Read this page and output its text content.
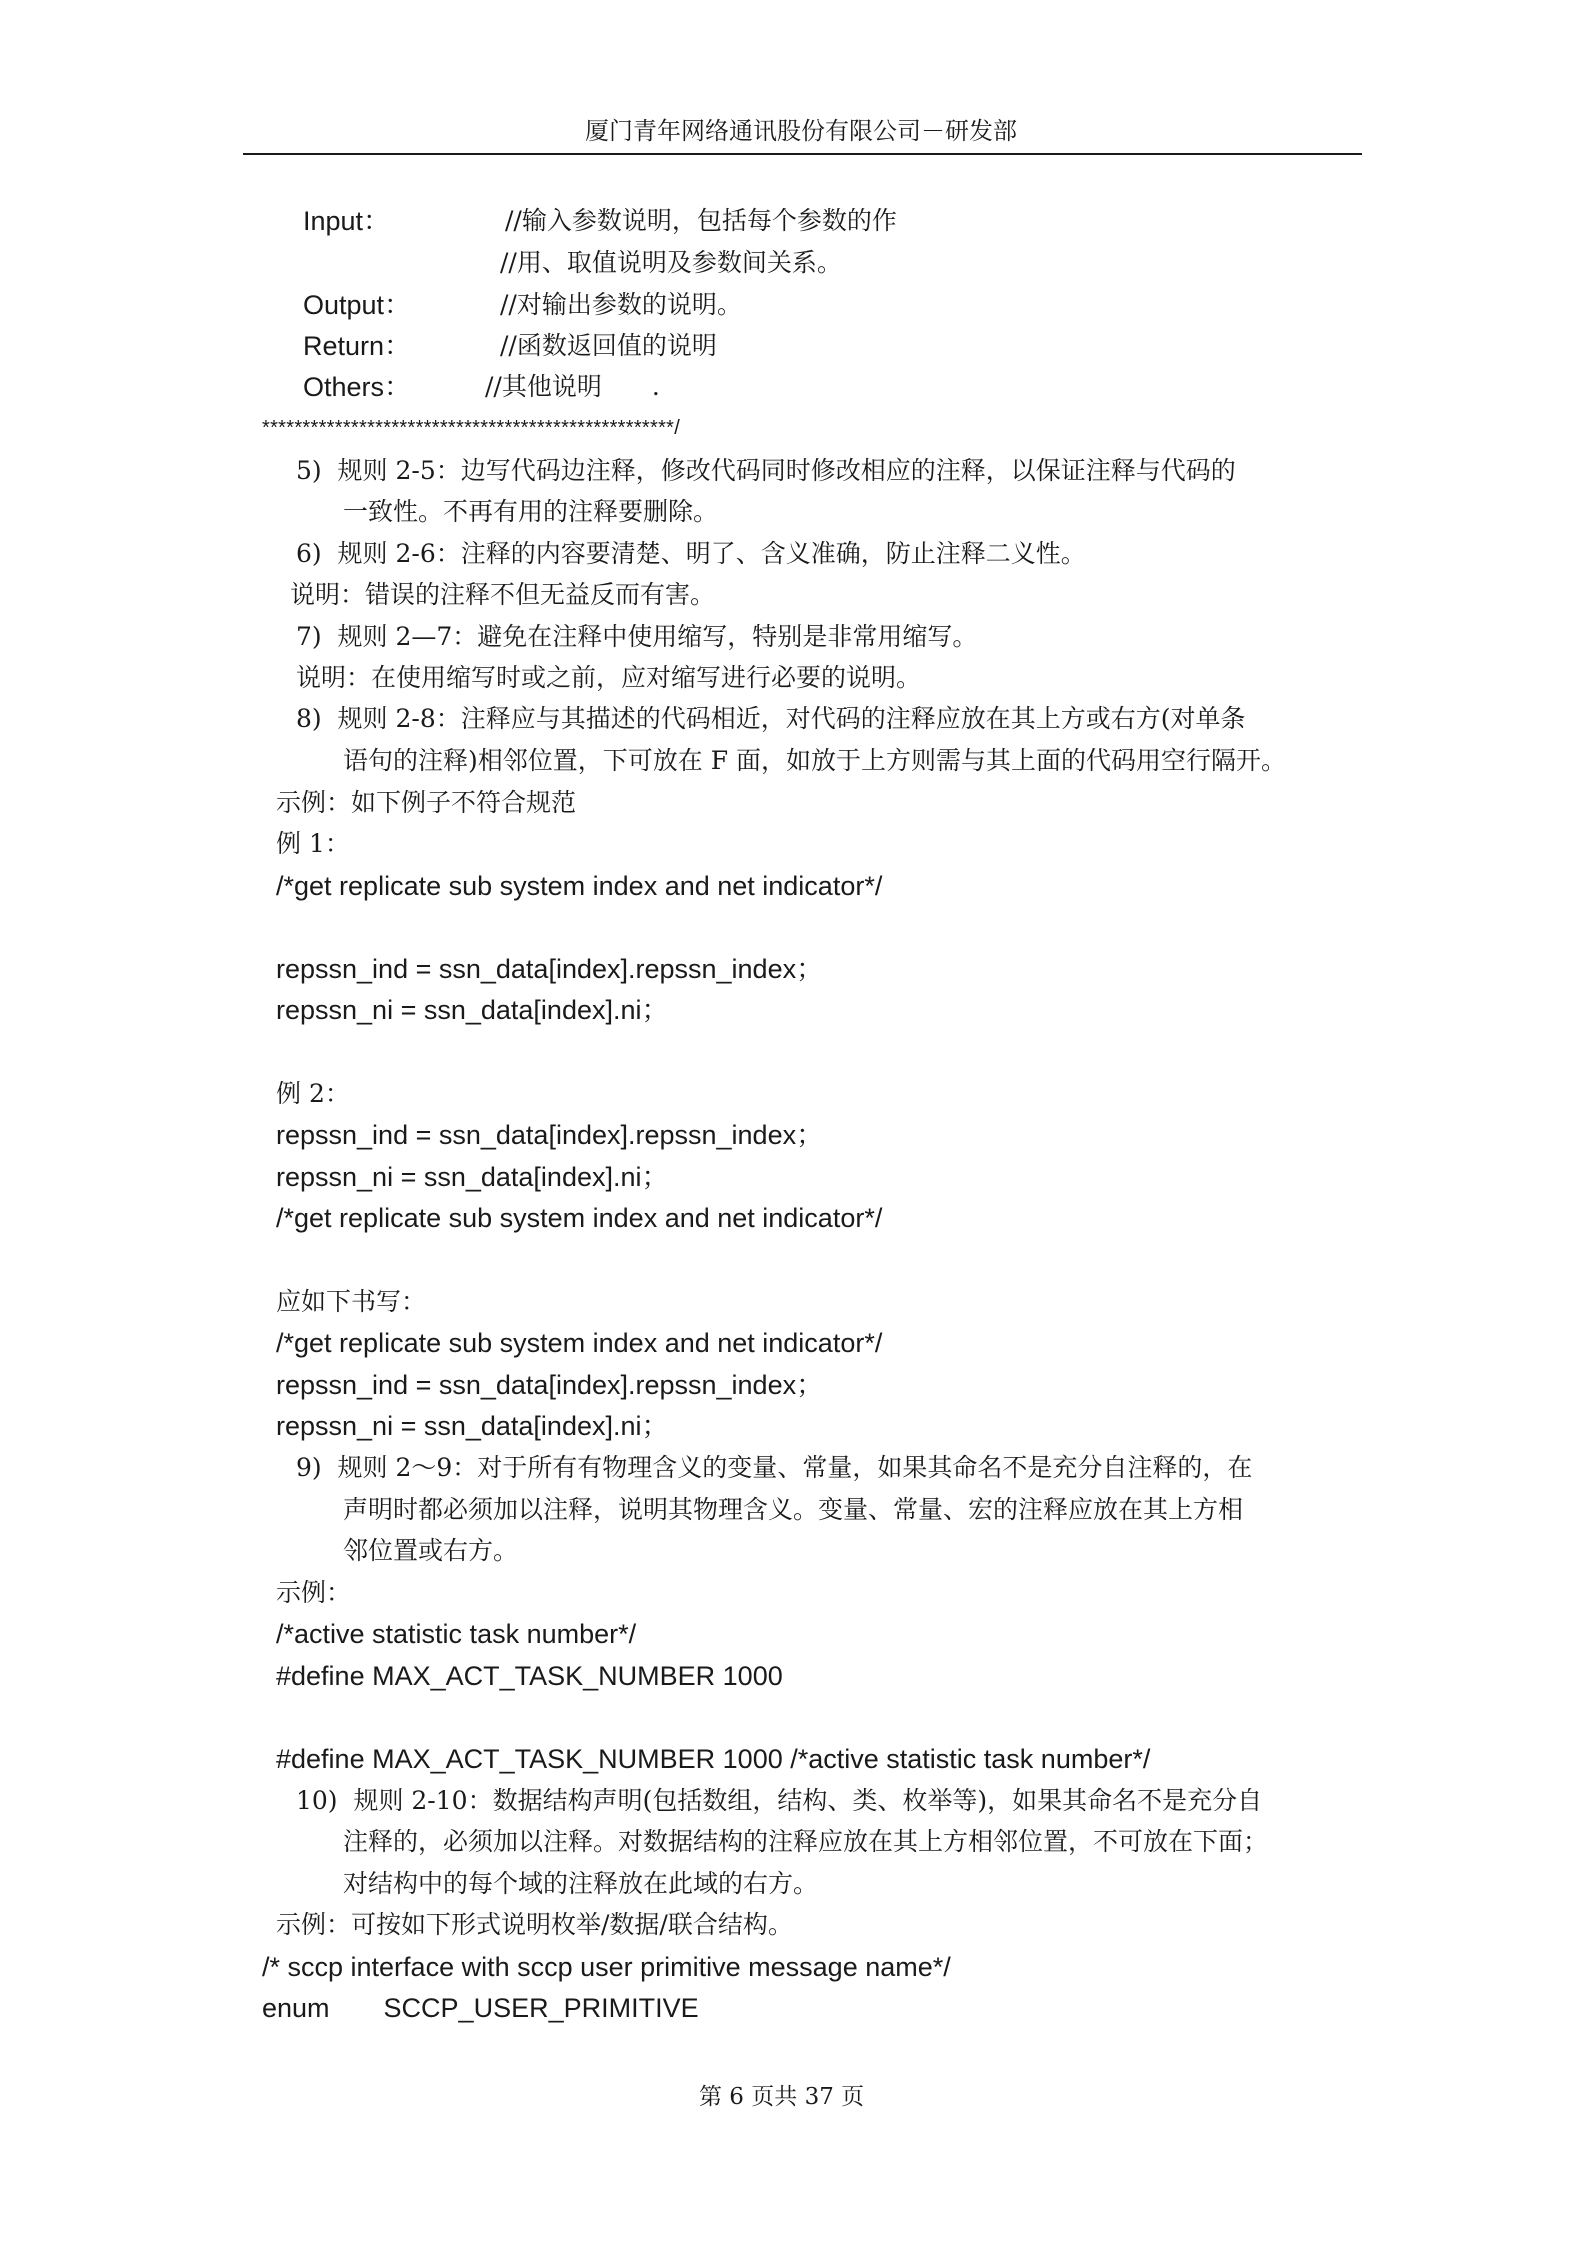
厦门青年网络通讯股份有限公司－研发部
Input：	//输入参数说明，包括每个参数的作
//用、取值说明及参数间关系。
Output：	//对输出参数的说明。
Return：	//函数返回值的说明
Others：	//其他说明　　.
***************************************************/
5)  规则 2-5：边写代码边注释，修改代码同时修改相应的注释，以保证注释与代码的
一致性。不再有用的注释要删除。
6)  规则 2-6：注释的内容要清楚、明了、含义准确，防止注释二义性。
说明：错误的注释不但无益反而有害。
7)  规则 2—7：避免在注释中使用缩写，特别是非常用缩写。
说明：在使用缩写时或之前，应对缩写进行必要的说明。
8)  规则 2-8：注释应与其描述的代码相近，对代码的注释应放在其上方或右方(对单条
语句的注释)相邻位置，下可放在 F 面，如放于上方则需与其上面的代码用空行隔开。
示例：如下例子不符合规范
例 1：
/*get replicate sub system index and net indicator*/
repssn_ind = ssn_data[index].repssn_index；
repssn_ni = ssn_data[index].ni；
例 2：
repssn_ind = ssn_data[index].repssn_index；
repssn_ni = ssn_data[index].ni；
/*get replicate sub system index and net indicator*/
应如下书写：
/*get replicate sub system index and net indicator*/
repssn_ind = ssn_data[index].repssn_index；
repssn_ni = ssn_data[index].ni；
9)  规则 2～9：对于所有有物理含义的变量、常量，如果其命名不是充分自注释的，在
声明时都必须加以注释，说明其物理含义。变量、常量、宏的注释应放在其上方相
邻位置或右方。
示例：
/*active statistic task number*/
#define MAX_ACT_TASK_NUMBER 1000
#define MAX_ACT_TASK_NUMBER 1000 /*active statistic task number*/
10)  规则 2-10：数据结构声明(包括数组，结构、类、枚举等)，如果其命名不是充分自
注释的，必须加以注释。对数据结构的注释应放在其上方相邻位置，不可放在下面；
对结构中的每个域的注释放在此域的右方。
示例：可按如下形式说明枚举/数据/联合结构。
/* sccp interface with sccp user primitive message name*/
enum　　SCCP_USER_PRIMITIVE
第 6 页共 37 页
